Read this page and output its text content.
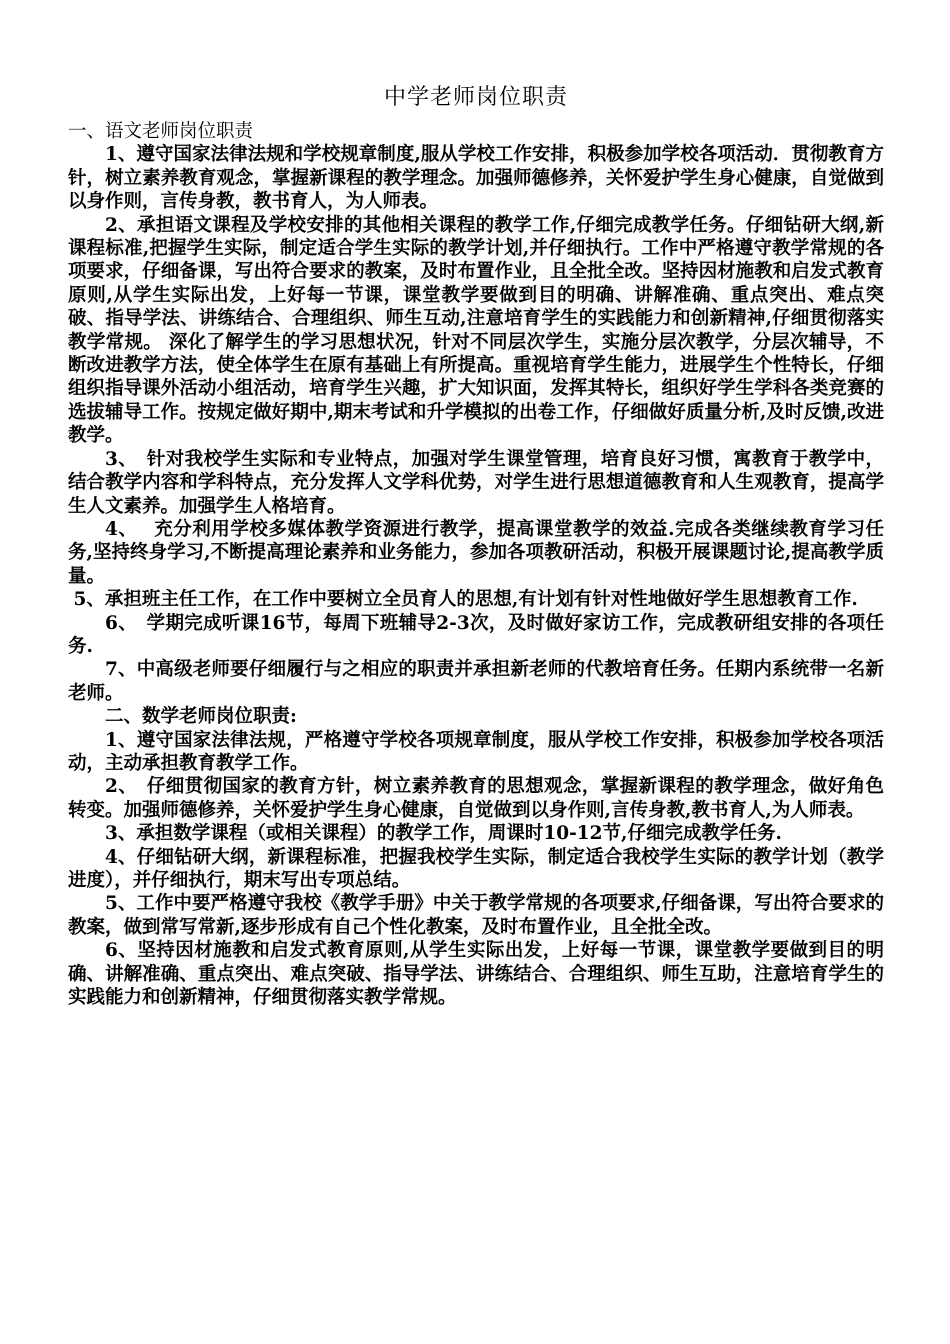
中学老师岗位职责

一、语文老师岗位职责

1、遵守国家法律法规和学校规章制度,服从学校工作安排，积极参加学校各项活动．贯彻教育方针，树立素养教育观念，掌握新课程的教学理念。加强师德修养，关怀爱护学生身心健康，自觉做到以身作则，言传身教，教书育人，为人师表。

2、承担语文课程及学校安排的其他相关课程的教学工作,仔细完成教学任务。仔细钻研大纲,新课程标准,把握学生实际，制定适合学生实际的教学计划,并仔细执行。工作中严格遵守教学常规的各项要求，仔细备课，写出符合要求的教案，及时布置作业，且全批全改。坚持因材施教和启发式教育原则,从学生实际出发，上好每一节课，课堂教学要做到目的明确、讲解准确、重点突出、难点突破、指导学法、讲练结合、合理组织、师生互动,注意培育学生的实践能力和创新精神,仔细贯彻落实教学常规。 深化了解学生的学习思想状况，针对不同层次学生，实施分层次教学，分层次辅导，不断改进教学方法，使全体学生在原有基础上有所提高。重视培育学生能力，进展学生个性特长，仔细组织指导课外活动小组活动，培育学生兴趣，扩大知识面，发挥其特长，组织好学生学科各类竞赛的选拔辅导工作。按规定做好期中,期末考试和升学模拟的出卷工作，仔细做好质量分析,及时反馈,改进教学。

3、　针对我校学生实际和专业特点，加强对学生课堂管理，培育良好习惯，寓教育于教学中，结合教学内容和学科特点，充分发挥人文学科优势，对学生进行思想道德教育和人生观教育，提高学生人文素养。加强学生人格培育。

4、　 充分利用学校多媒体教学资源进行教学，提高课堂教学的效益.完成各类继续教育学习任务,坚持终身学习,不断提高理论素养和业务能力，参加各项教研活动，积极开展课题讨论,提高教学质量。

5、承担班主任工作，在工作中要树立全员育人的思想,有计划有针对性地做好学生思想教育工作.

6、　学期完成听课16节，每周下班辅导2-3次，及时做好家访工作，完成教研组安排的各项任务.

7、中高级老师要仔细履行与之相应的职责并承担新老师的代教培育任务。任期内系统带一名新老师。

二、数学老师岗位职责:

1、遵守国家法律法规，严格遵守学校各项规章制度，服从学校工作安排，积极参加学校各项活动，主动承担教育教学工作。

2、　仔细贯彻国家的教育方针，树立素养教育的思想观念，掌握新课程的教学理念，做好角色转变。加强师德修养，关怀爱护学生身心健康，自觉做到以身作则,言传身教,教书育人,为人师表。

3、承担数学课程（或相关课程）的教学工作，周课时10-12节,仔细完成教学任务.

4、仔细钻研大纲，新课程标准，把握我校学生实际，制定适合我校学生实际的教学计划（教学进度），并仔细执行，期末写出专项总结。

5、工作中要严格遵守我校《教学手册》中关于教学常规的各项要求,仔细备课，写出符合要求的教案，做到常写常新,逐步形成有自己个性化教案，及时布置作业，且全批全改。

6、坚持因材施教和启发式教育原则,从学生实际出发，上好每一节课，课堂教学要做到目的明确、讲解准确、重点突出、难点突破、指导学法、讲练结合、合理组织、师生互助，注意培育学生的实践能力和创新精神，仔细贯彻落实教学常规。
